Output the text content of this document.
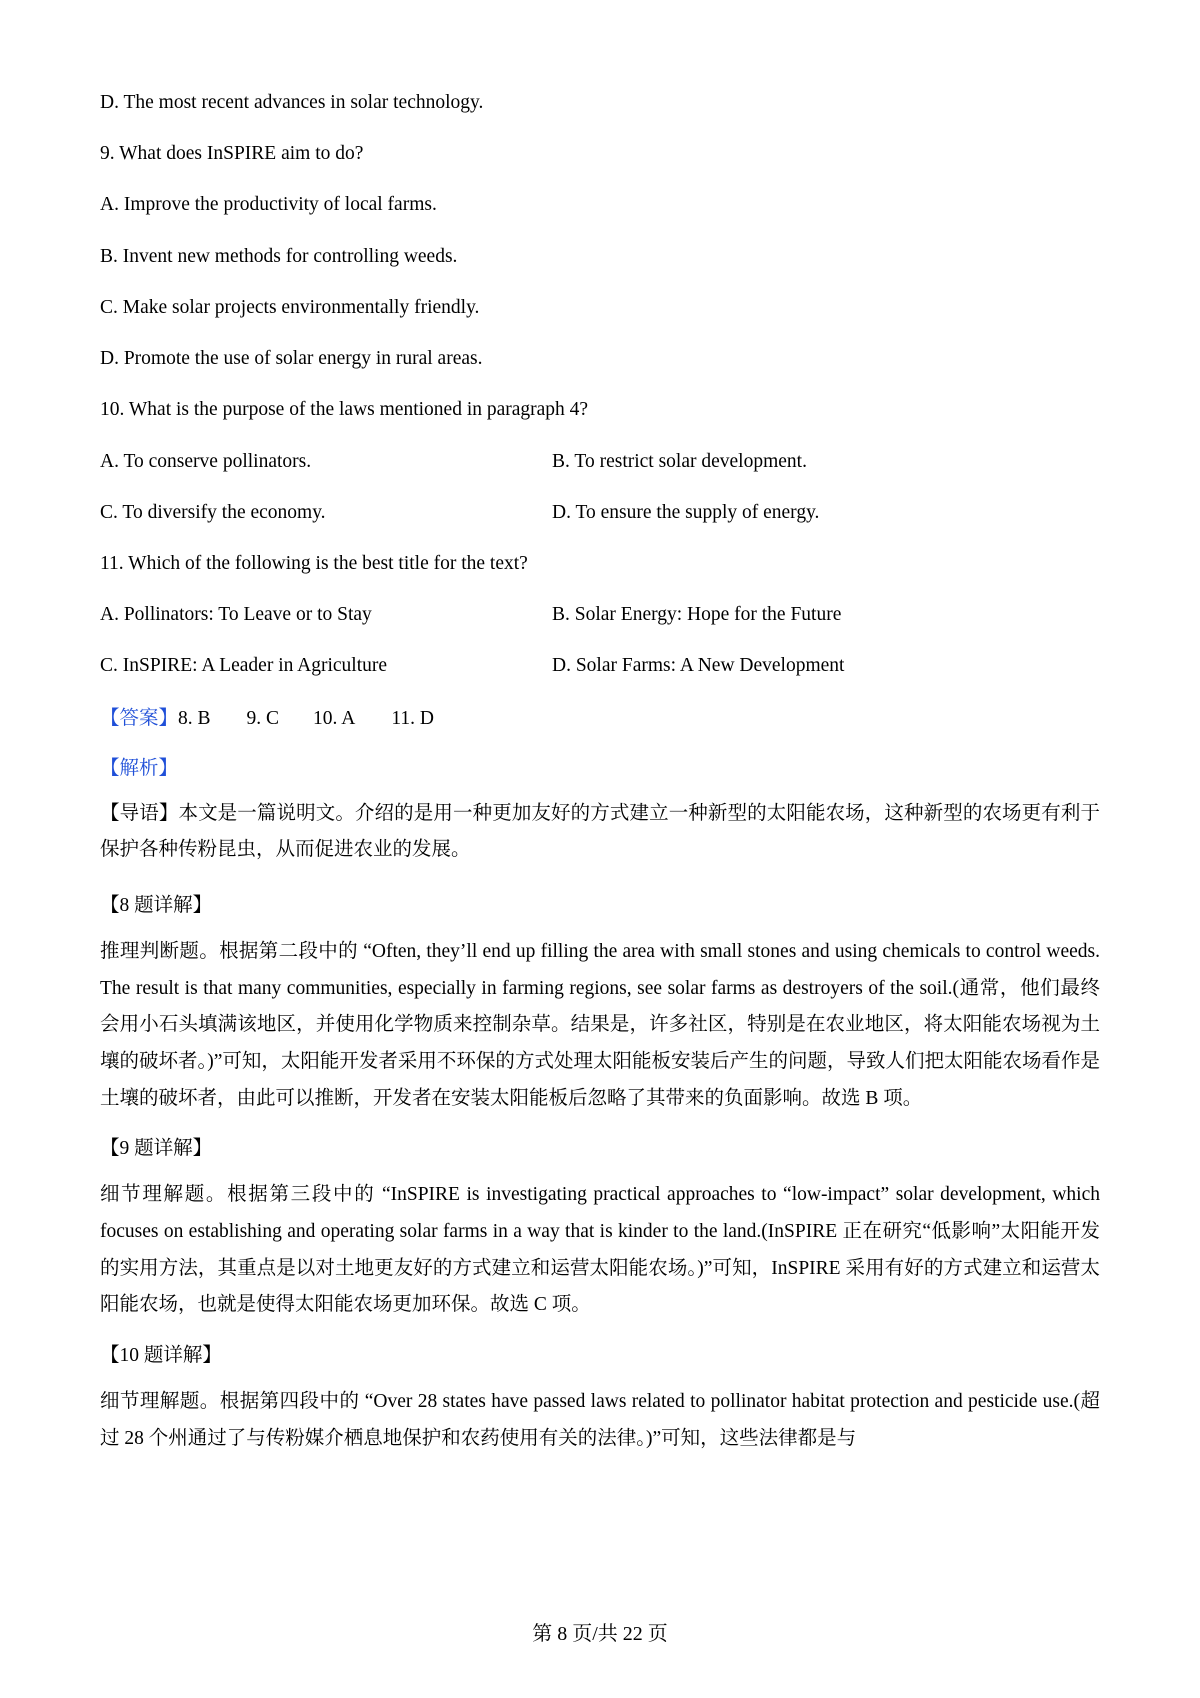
D. The most recent advances in solar technology.

9. What does InSPIRE aim to do?

A. Improve the productivity of local farms.

B. Invent new methods for controlling weeds.

C. Make solar projects environmentally friendly.

D. Promote the use of solar energy in rural areas.

10. What is the purpose of the laws mentioned in paragraph 4?

A. To conserve pollinators.	B. To restrict solar development.
C. To diversify the economy.	D. To ensure the supply of energy.

11. Which of the following is the best title for the text?

A. Pollinators: To Leave or to Stay	B. Solar Energy: Hope for the Future
C. InSPIRE: A Leader in Agriculture	D. Solar Farms: A New Development

【答案】8. B 9. C 10. A 11. D

【解析】

【导语】本文是一篇说明文。介绍的是用一种更加友好的方式建立一种新型的太阳能农场，这种新型的农场更有利于保护各种传粉昆虫，从而促进农业的发展。

【8 题详解】

推理判断题。根据第二段中的 “Often, they’ll end up filling the area with small stones and using chemicals to control weeds. The result is that many communities, especially in farming regions, see solar farms as destroyers of the soil.(通常，他们最终会用小石头填满该地区，并使用化学物质来控制杂草。结果是，许多社区，特别是在农业地区，将太阳能农场视为土壤的破坏者。)”可知，太阳能开发者采用不环保的方式处理太阳能板安装后产生的问题，导致人们把太阳能农场看作是土壤的破坏者，由此可以推断，开发者在安装太阳能板后忽略了其带来的负面影响。故选 B 项。

【9 题详解】

细节理解题。根据第三段中的 “InSPIRE is investigating practical approaches to “low-impact” solar development, which focuses on establishing and operating solar farms in a way that is kinder to the land.(InSPIRE 正在研究“低影响”太阳能开发的实用方法，其重点是以对土地更友好的方式建立和运营太阳能农场。)”可知，InSPIRE 采用有好的方式建立和运营太阳能农场，也就是使得太阳能农场更加环保。故选 C 项。

【10 题详解】

细节理解题。根据第四段中的 “Over 28 states have passed laws related to pollinator habitat protection and pesticide use.(超过 28 个州通过了与传粉媒介栖息地保护和农药使用有关的法律。)”可知，这些法律都是与

第 8 页/共 22 页
